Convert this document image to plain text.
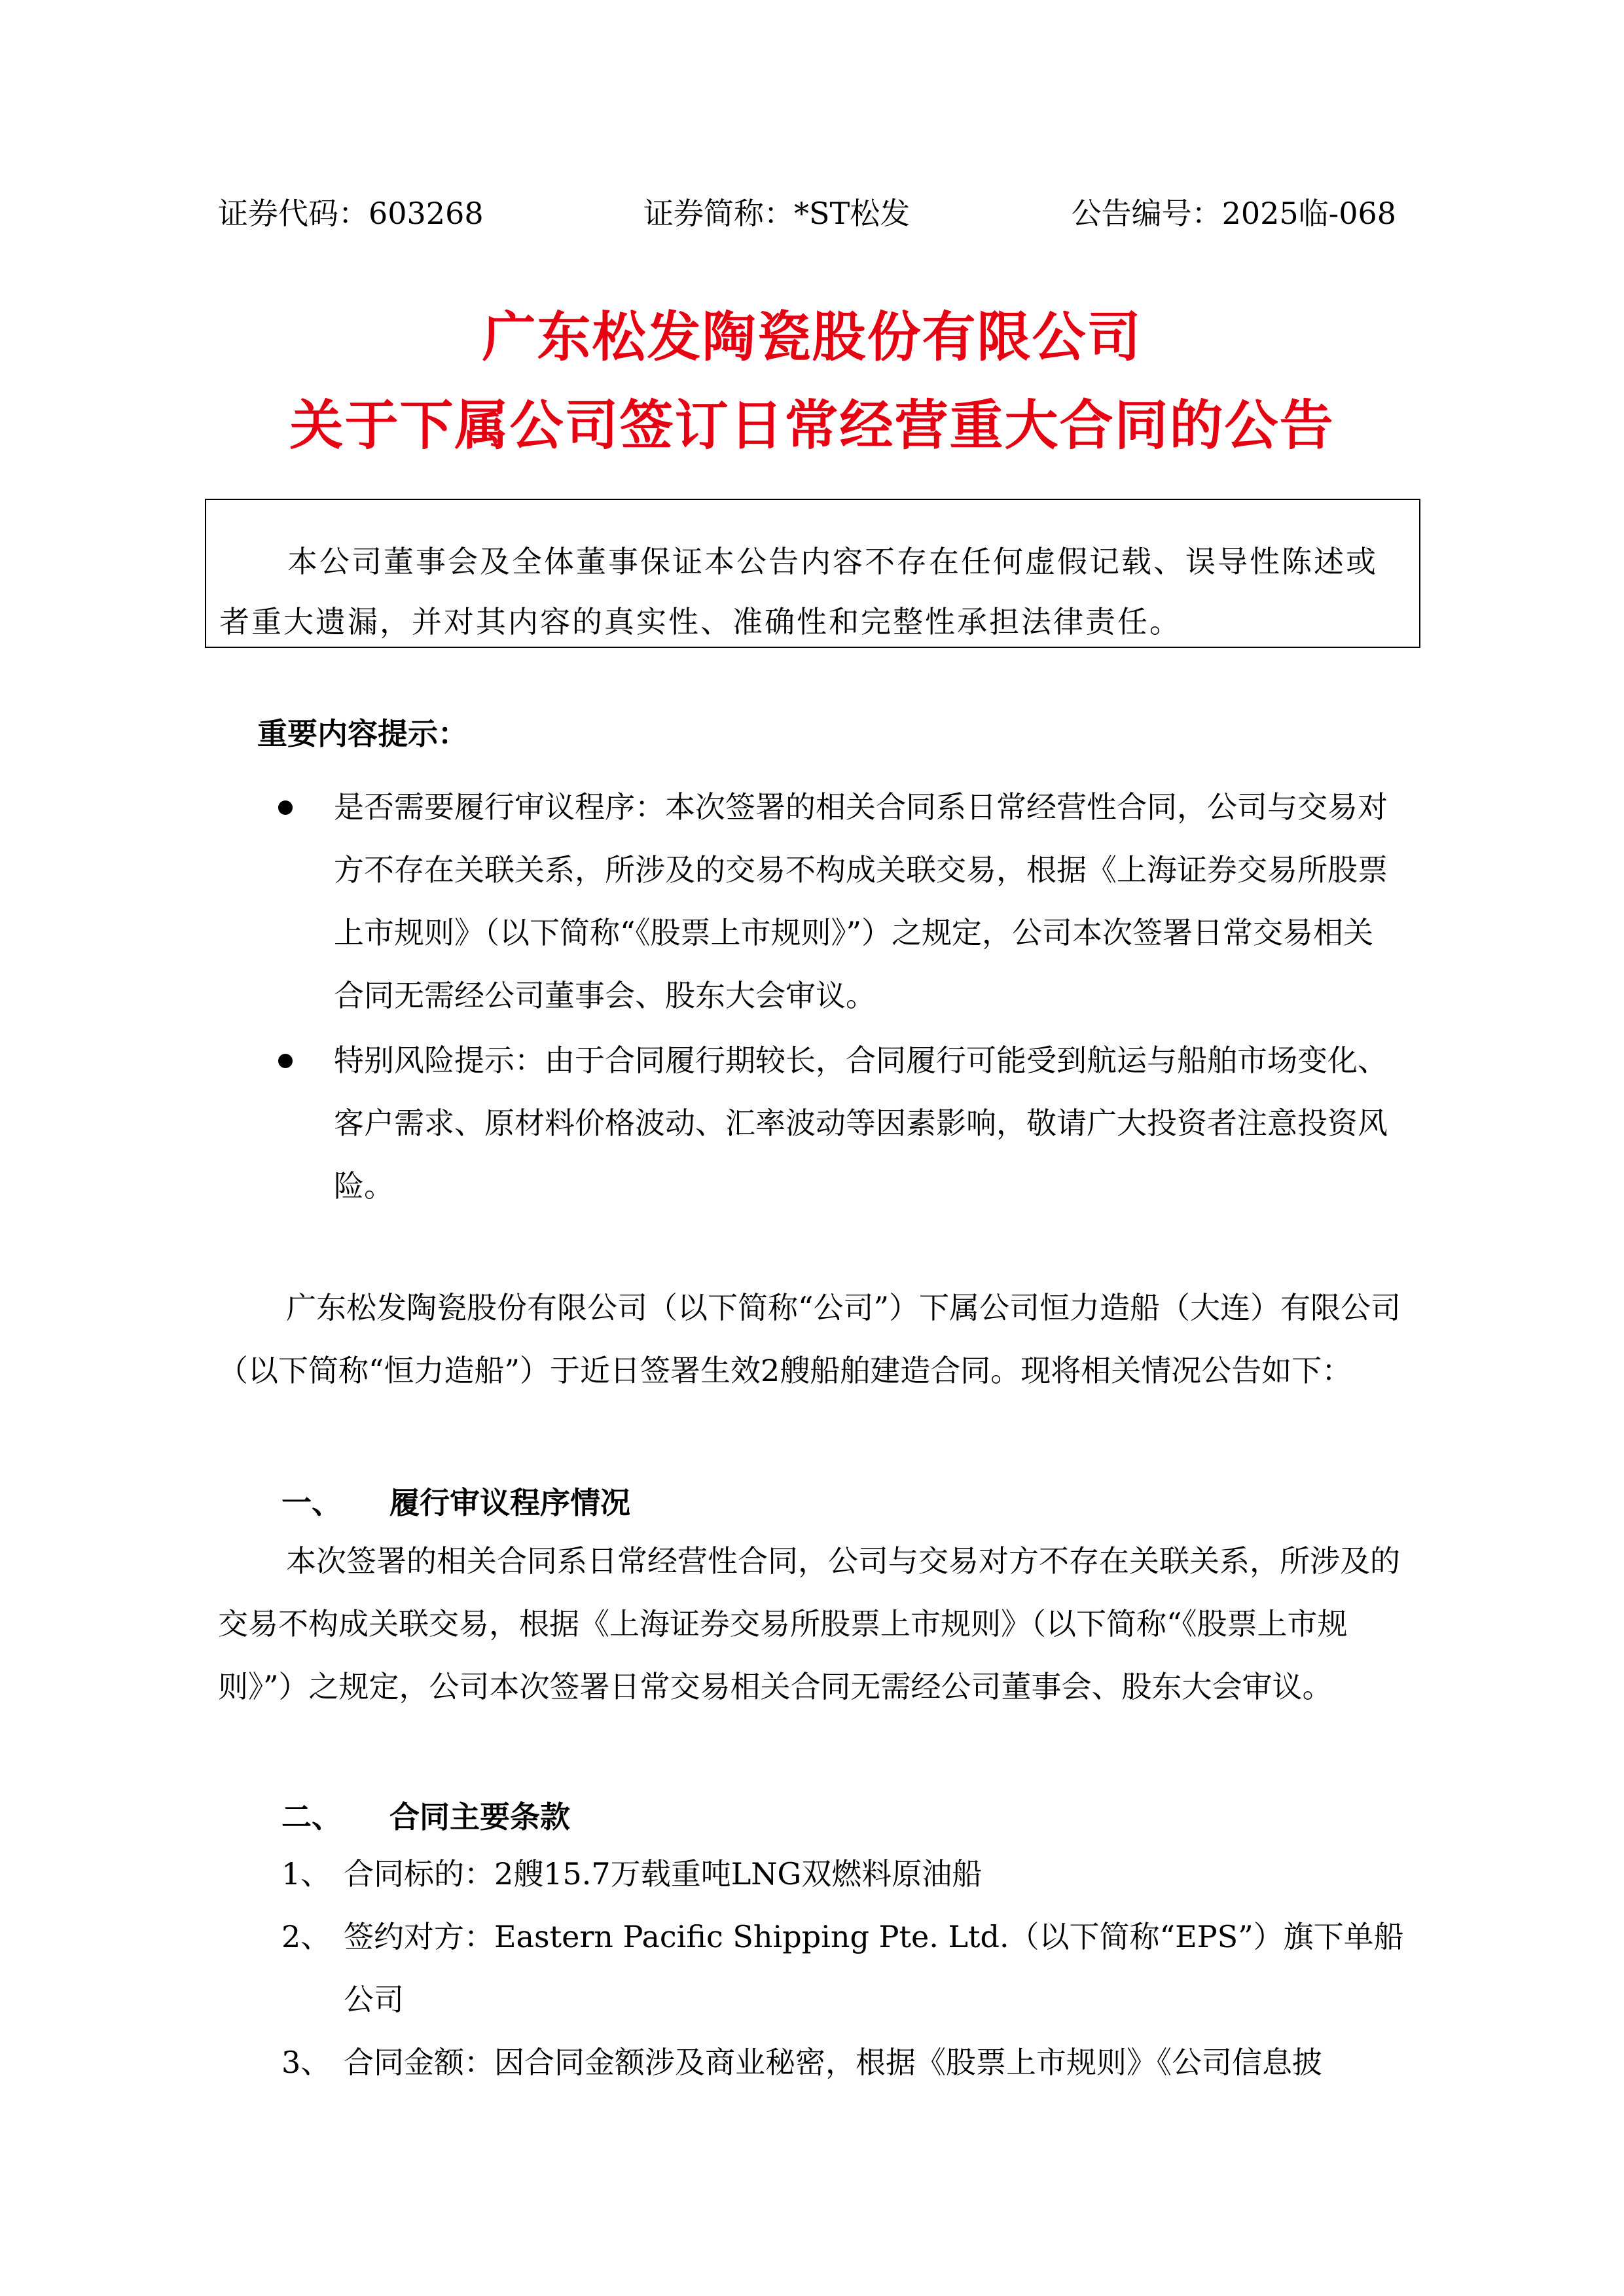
证券代码：603268	证券简称：*ST松发	公告编号：2025临-068
广东松发陶瓷股份有限公司
关于下属公司签订日常经营重大合同的公告
本公司董事会及全体董事保证本公告内容不存在任何虚假记载、误导性陈述或者重大遗漏，并对其内容的真实性、准确性和完整性承担法律责任。
重要内容提示：
是否需要履行审议程序：本次签署的相关合同系日常经营性合同，公司与交易对方不存在关联关系，所涉及的交易不构成关联交易，根据《上海证券交易所股票上市规则》（以下简称“《股票上市规则》”）之规定，公司本次签署日常交易相关合同无需经公司董事会、股东大会审议。
特别风险提示：由于合同履行期较长，合同履行可能受到航运与船舶市场变化、客户需求、原材料价格波动、汇率波动等因素影响，敬请广大投资者注意投资风险。
广东松发陶瓷股份有限公司（以下简称“公司”）下属公司恒力造船（大连）有限公司（以下简称“恒力造船”）于近日签署生效2艘船舶建造合同。现将相关情况公告如下：
一、 履行审议程序情况
本次签署的相关合同系日常经营性合同，公司与交易对方不存在关联关系，所涉及的交易不构成关联交易，根据《上海证券交易所股票上市规则》（以下简称“《股票上市规则》”）之规定，公司本次签署日常交易相关合同无需经公司董事会、股东大会审议。
二、 合同主要条款
1、 合同标的：2艘15.7万载重吨LNG双燃料原油船
2、 签约对方：Eastern Pacific Shipping Pte. Ltd.（以下简称“EPS”）旗下单船公司
3、 合同金额：因合同金额涉及商业秘密，根据《股票上市规则》《公司信息披
